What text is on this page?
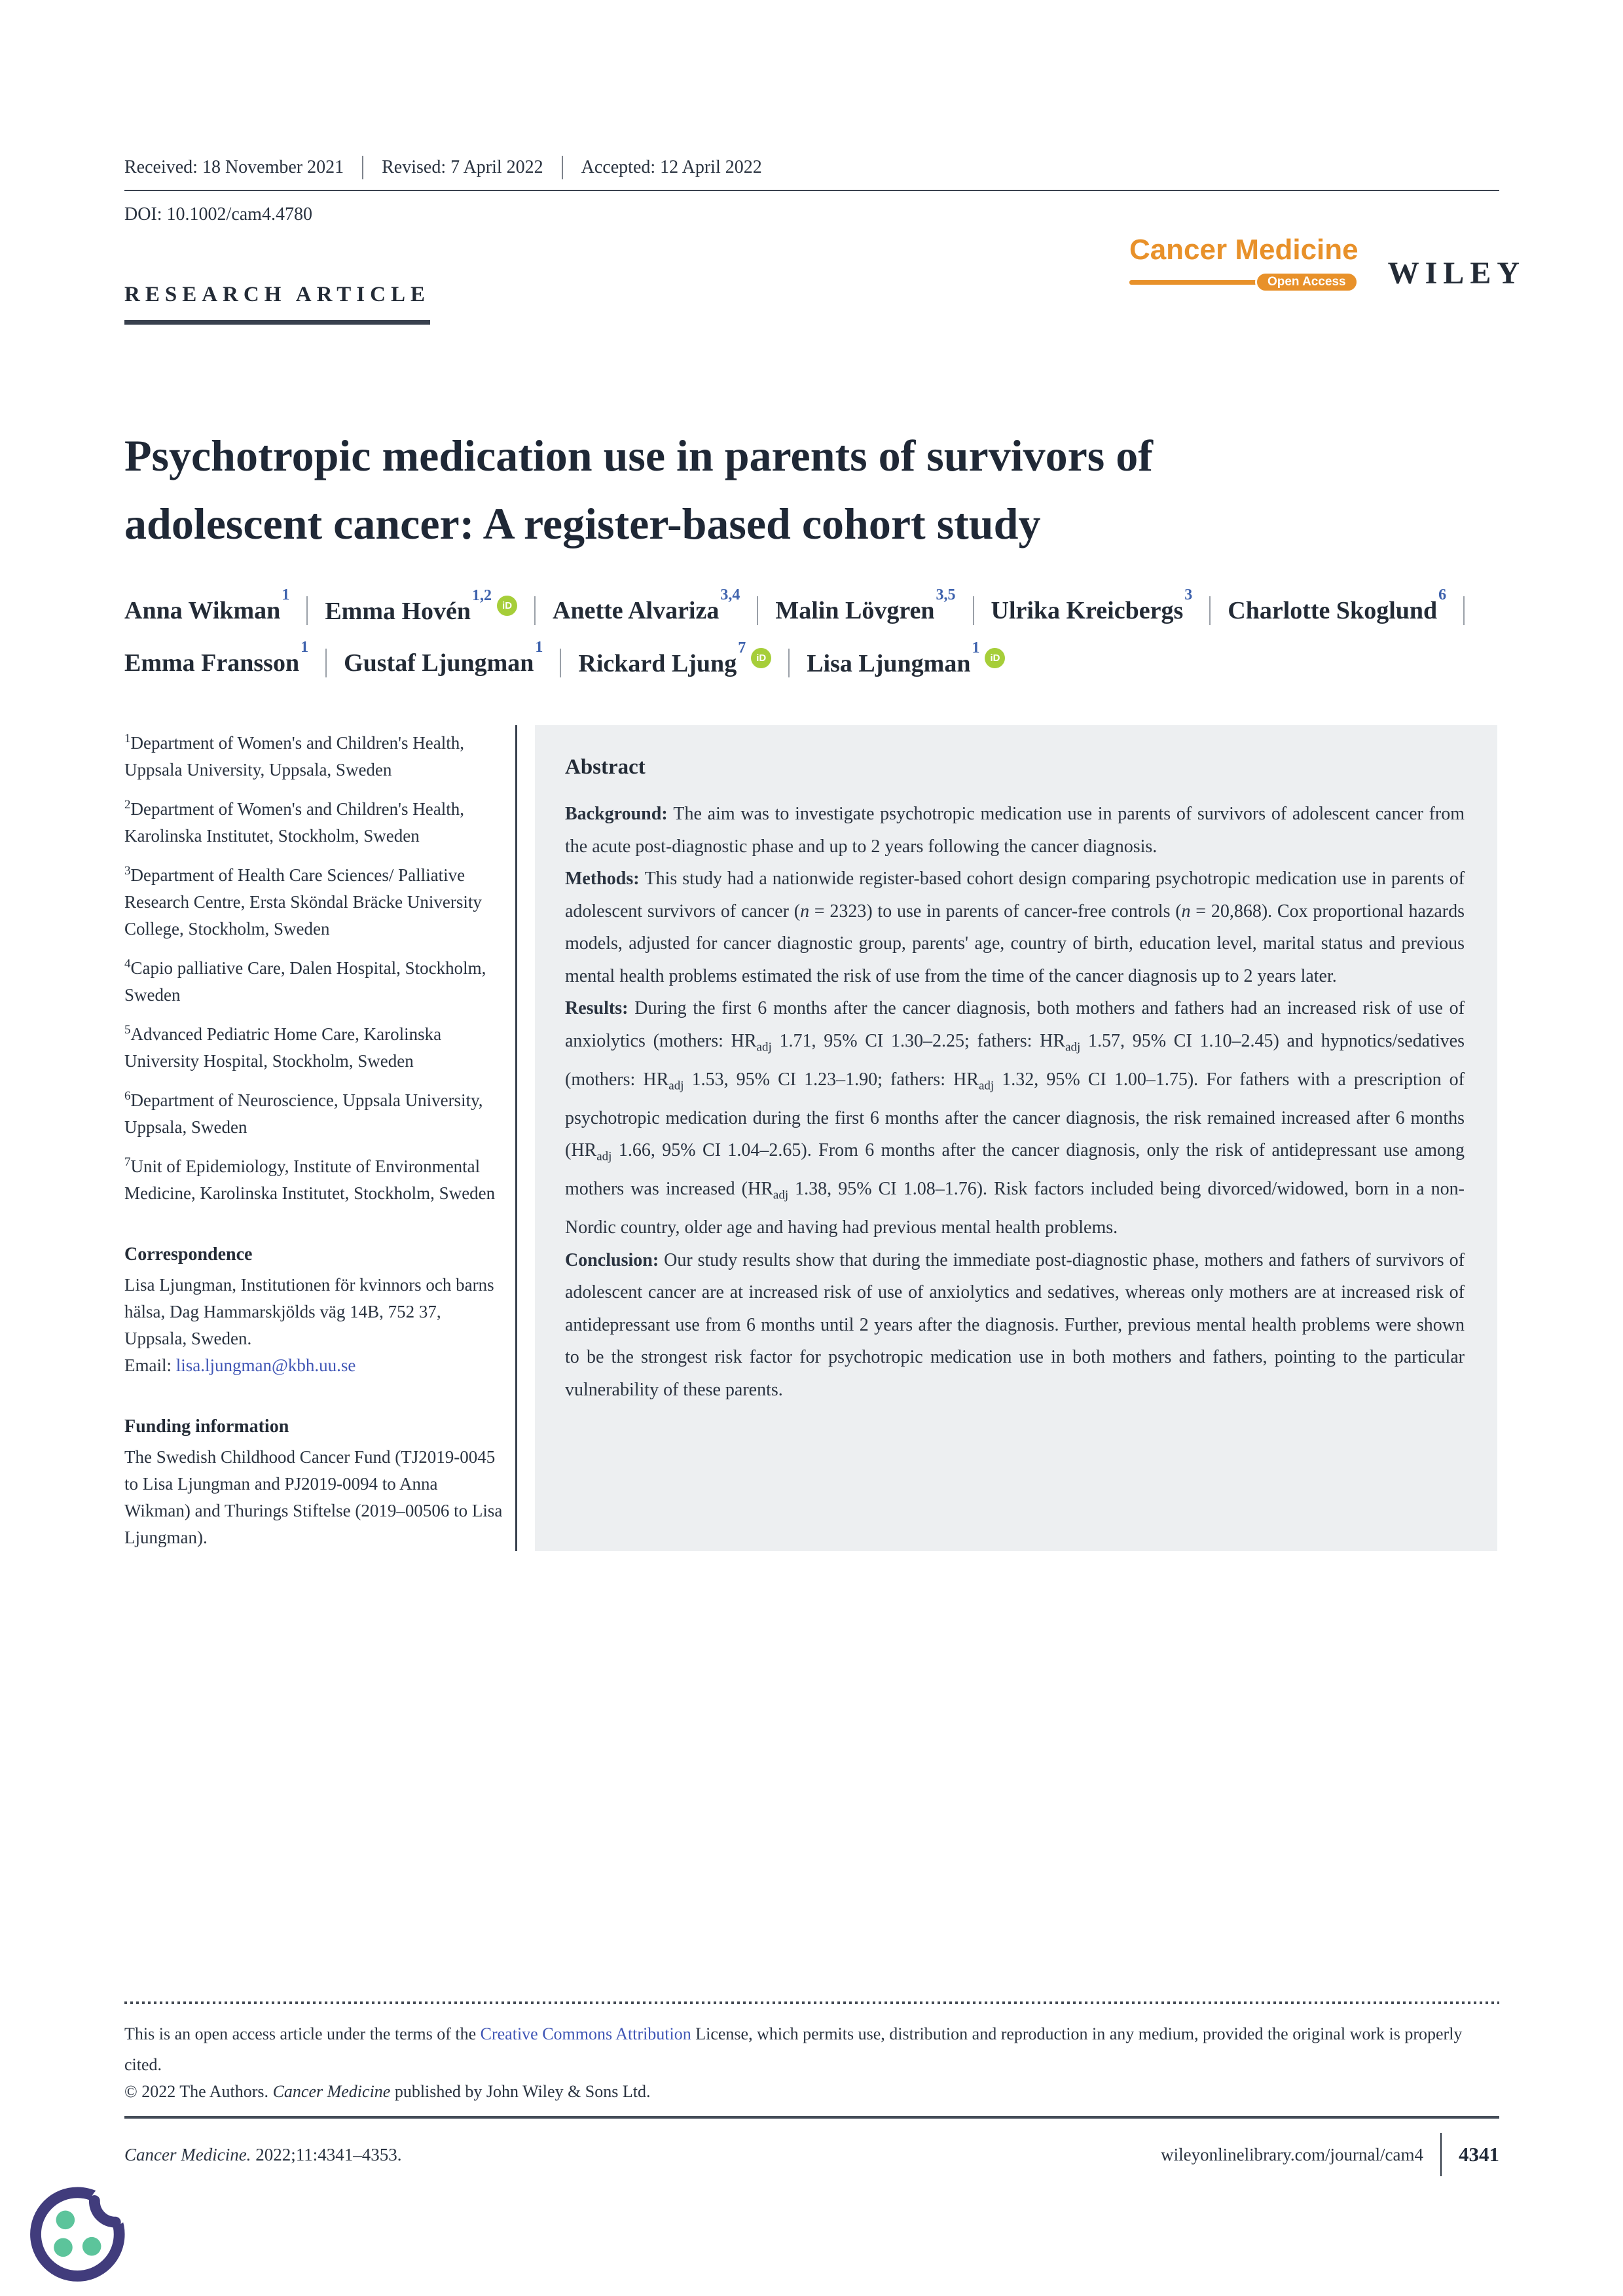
Received: 18 November 2021 Revised: 7 April 2022 Accepted: 12 April 2022
DOI: 10.1002/cam4.4780
RESEARCH ARTICLE
Cancer Medicine
Open Access	WILEY
Psychotropic medication use in parents of survivors of
adolescent cancer: A register-based cohort study
Anna Wikman$^1$
Emma Hovén$^{1,2}$iD Anette Alvariza$^{3,4}$
Malin Lövgren$^{3,5}$
Ulrika Kreicbergs$^3$
Charlotte Skoglund$^6$
Emma Fransson$^1$
Gustaf Ljungman$^1$
Rickard Ljung$^7$iD Lisa Ljungman$^1$iD

$^1$Department of Women's and Children's Health, Uppsala University, Uppsala, Sweden

$^2$Department of Women's and Children's Health, Karolinska Institutet, Stockholm, Sweden

$^3$Department of Health Care Sciences/ Palliative Research Centre, Ersta Sköndal Bräcke University College, Stockholm, Sweden

$^4$Capio palliative Care, Dalen Hospital, Stockholm, Sweden

$^5$Advanced Pediatric Home Care, Karolinska University Hospital, Stockholm, Sweden

$^6$Department of Neuroscience, Uppsala University, Uppsala, Sweden

$^7$Unit of Epidemiology, Institute of Environmental Medicine, Karolinska Institutet, Stockholm, Sweden

Correspondence
Lisa Ljungman, Institutionen för kvinnors och barns hälsa, Dag Hammarskjölds väg 14B, 752 37, Uppsala, Sweden.
Email: lisa.ljungman@kbh.uu.se
Funding information
The Swedish Childhood Cancer Fund (TJ2019-0045 to Lisa Ljungman and PJ2019-0094 to Anna Wikman) and Thurings Stiftelse (2019–00506 to Lisa Ljungman).
Abstract

Background: The aim was to investigate psychotropic medication use in parents of survivors of adolescent cancer from the acute post-diagnostic phase and up to 2 years following the cancer diagnosis.

Methods: This study had a nationwide register-based cohort design comparing psychotropic medication use in parents of adolescent survivors of cancer (n = 2323) to use in parents of cancer-free controls (n = 20,868). Cox proportional hazards models, adjusted for cancer diagnostic group, parents' age, country of birth, education level, marital status and previous mental health problems estimated the risk of use from the time of the cancer diagnosis up to 2 years later.

Results: During the first 6 months after the cancer diagnosis, both mothers and fathers had an increased risk of use of anxiolytics (mothers: $HR_{adj}$ 1.71, 95% CI 1.30–2.25; fathers: $HR_{adj}$ 1.57, 95% CI 1.10–2.45) and hypnotics/sedatives (mothers: $HR_{adj}$ 1.53, 95% CI 1.23–1.90; fathers: $HR_{adj}$ 1.32, 95% CI 1.00–1.75). For fathers with a prescription of psychotropic medication during the first 6 months after the cancer diagnosis, the risk remained increased after 6 months ($HR_{adj}$ 1.66, 95% CI 1.04–2.65). From 6 months after the cancer diagnosis, only the risk of antidepressant use among mothers was increased ($HR_{adj}$ 1.38, 95% CI 1.08–1.76). Risk factors included being divorced/widowed, born in a non-Nordic country, older age and having had previous mental health problems.

Conclusion: Our study results show that during the immediate post-diagnostic phase, mothers and fathers of survivors of adolescent cancer are at increased risk of use of anxiolytics and sedatives, whereas only mothers are at increased risk of antidepressant use from 6 months until 2 years after the diagnosis. Further, previous mental health problems were shown to be the strongest risk factor for psychotropic medication use in both mothers and fathers, pointing to the particular vulnerability of these parents.

This is an open access article under the terms of the Creative Commons Attribution License, which permits use, distribution and reproduction in any medium, provided the original work is properly cited.

© 2022 The Authors. Cancer Medicine published by John Wiley & Sons Ltd.

Cancer Medicine. 2022;11:4341–4353.	wileyonlinelibrary.com/journal/cam4 4341
